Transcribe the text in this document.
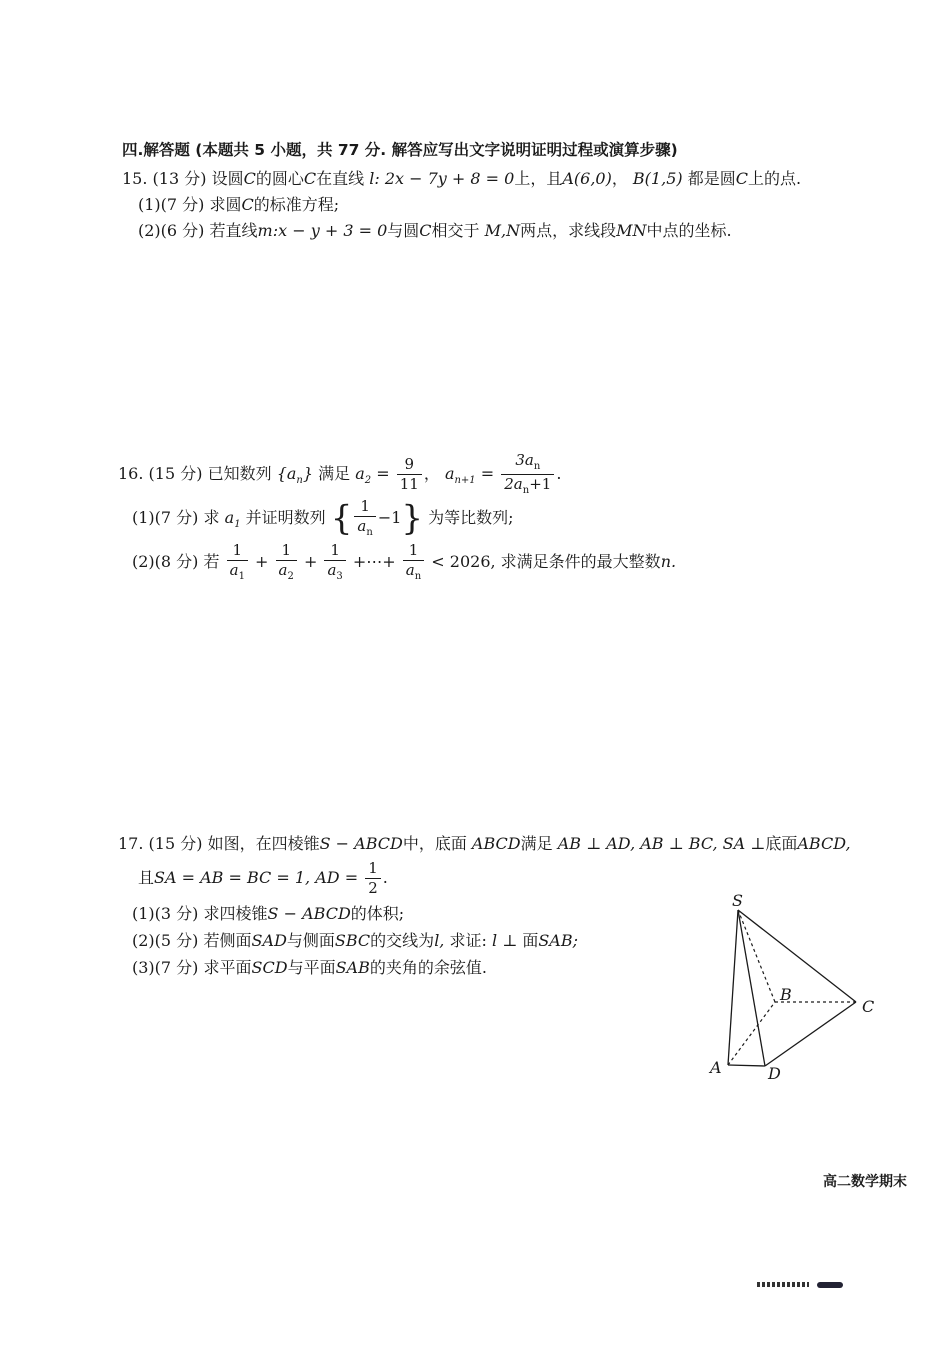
四.解答题 (本题共 5 小题，共 77 分. 解答应写出文字说明证明过程或演算步骤)
15. (13 分) 设圆C的圆心C在直线 l: 2x − 7y + 8 = 0上，且A(6,0)， B(1,5) 都是圆C上的点.
(1)(7 分) 求圆C的标准方程;
(2)(6 分) 若直线m:x − y + 3 = 0与圆C相交于 M,N两点，求线段MN中点的坐标.
16. (15 分) 已知数列 $\{a_n\}$ 满足 $a_2 = \frac{9}{11}$ ， $a_{n+1} = \frac{3a_n}{2a_n+1}$ .
(1)(7 分) 求 $a_1$ 并证明数列 { $\frac{1}{a_n} -1$} 为等比数列;
(2)(8 分) 若 $\frac{1}{a_1} + \frac{1}{a_2} + \frac{1}{a_3}$ +⋯+ $\frac{1}{a_n} < 2026$, 求满足条件的最大整数n.
17. (15 分) 如图，在四棱锥S − ABCD中，底面 ABCD满足 AB ⊥ AD, AB ⊥ BC, SA ⊥底面ABCD,
且SA = AB = BC = 1, AD = $\frac{1}{2}$ .
(1)(3 分) 求四棱锥S − ABCD的体积;
(2)(5 分) 若侧面SAD与侧面SBC的交线为l, 求证: l ⊥ 面SAB;
(3)(7 分) 求平面SCD与平面SAB的夹角的余弦值.
S
B
C
A	D
高二数学期末
